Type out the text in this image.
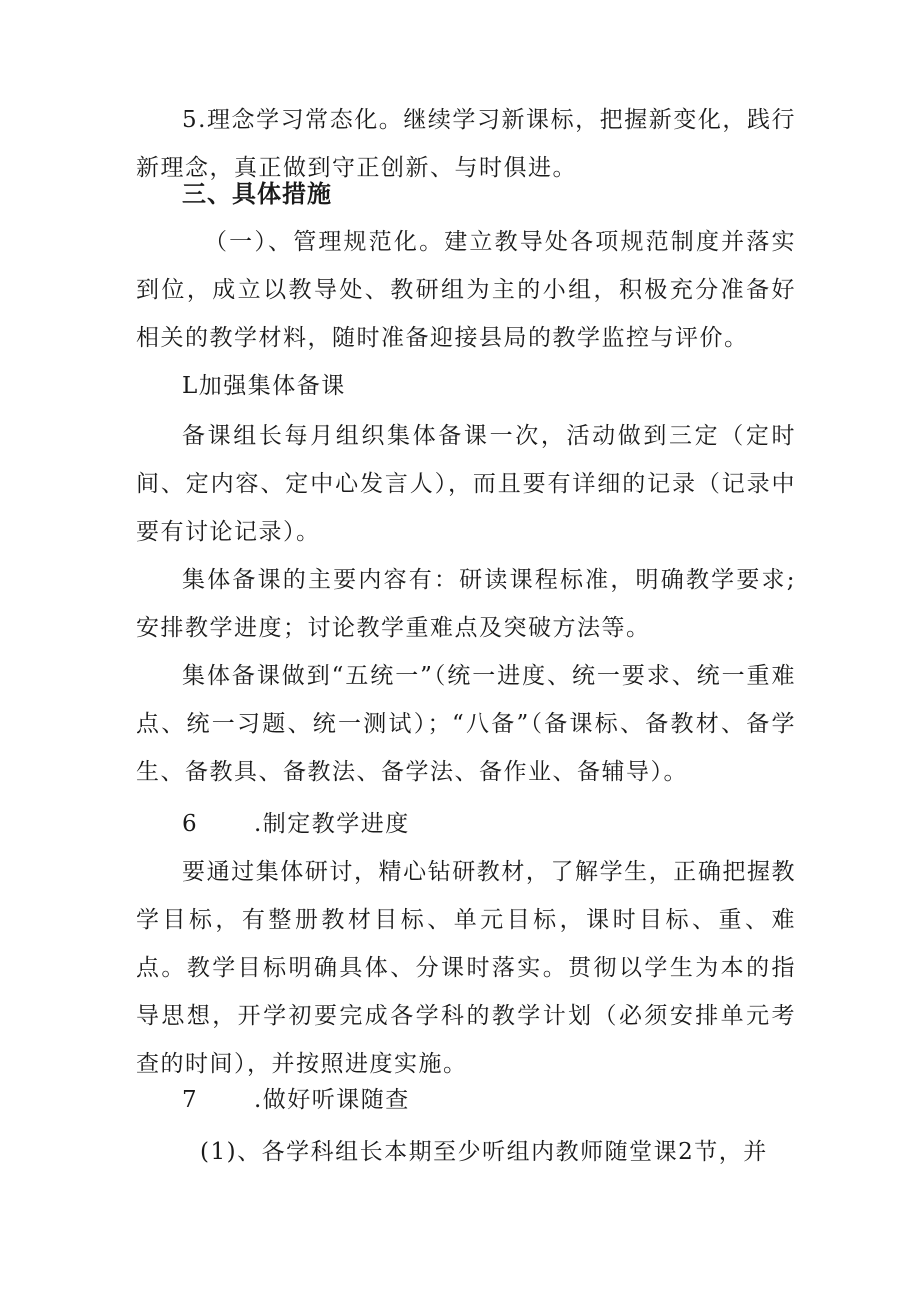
5.理念学习常态化。继续学习新课标，把握新变化，践行新理念，真正做到守正创新、与时俱进。

三、具体措施

（一）、管理规范化。建立教导处各项规范制度并落实到位，成立以教导处、教研组为主的小组，积极充分准备好相关的教学材料，随时准备迎接县局的教学监控与评价。

L加强集体备课

备课组长每月组织集体备课一次，活动做到三定（定时间、定内容、定中心发言人），而且要有详细的记录（记录中要有讨论记录）。

集体备课的主要内容有：研读课程标准，明确教学要求;安排教学进度；讨论教学重难点及突破方法等。

集体备课做到“五统一”（统一进度、统一要求、统一重难点、统一习题、统一测试）；“八备”（备课标、备教材、备学生、备教具、备教法、备学法、备作业、备辅导）。

6 .制定教学进度

要通过集体研讨，精心钻研教材，了解学生，正确把握教学目标，有整册教材目标、单元目标，课时目标、重、难点。教学目标明确具体、分课时落实。贯彻以学生为本的指导思想，开学初要完成各学科的教学计划（必须安排单元考查的时间），并按照进度实施。

7 .做好听课随查
(1)、各学科组长本期至少听组内教师随堂课2节，并
